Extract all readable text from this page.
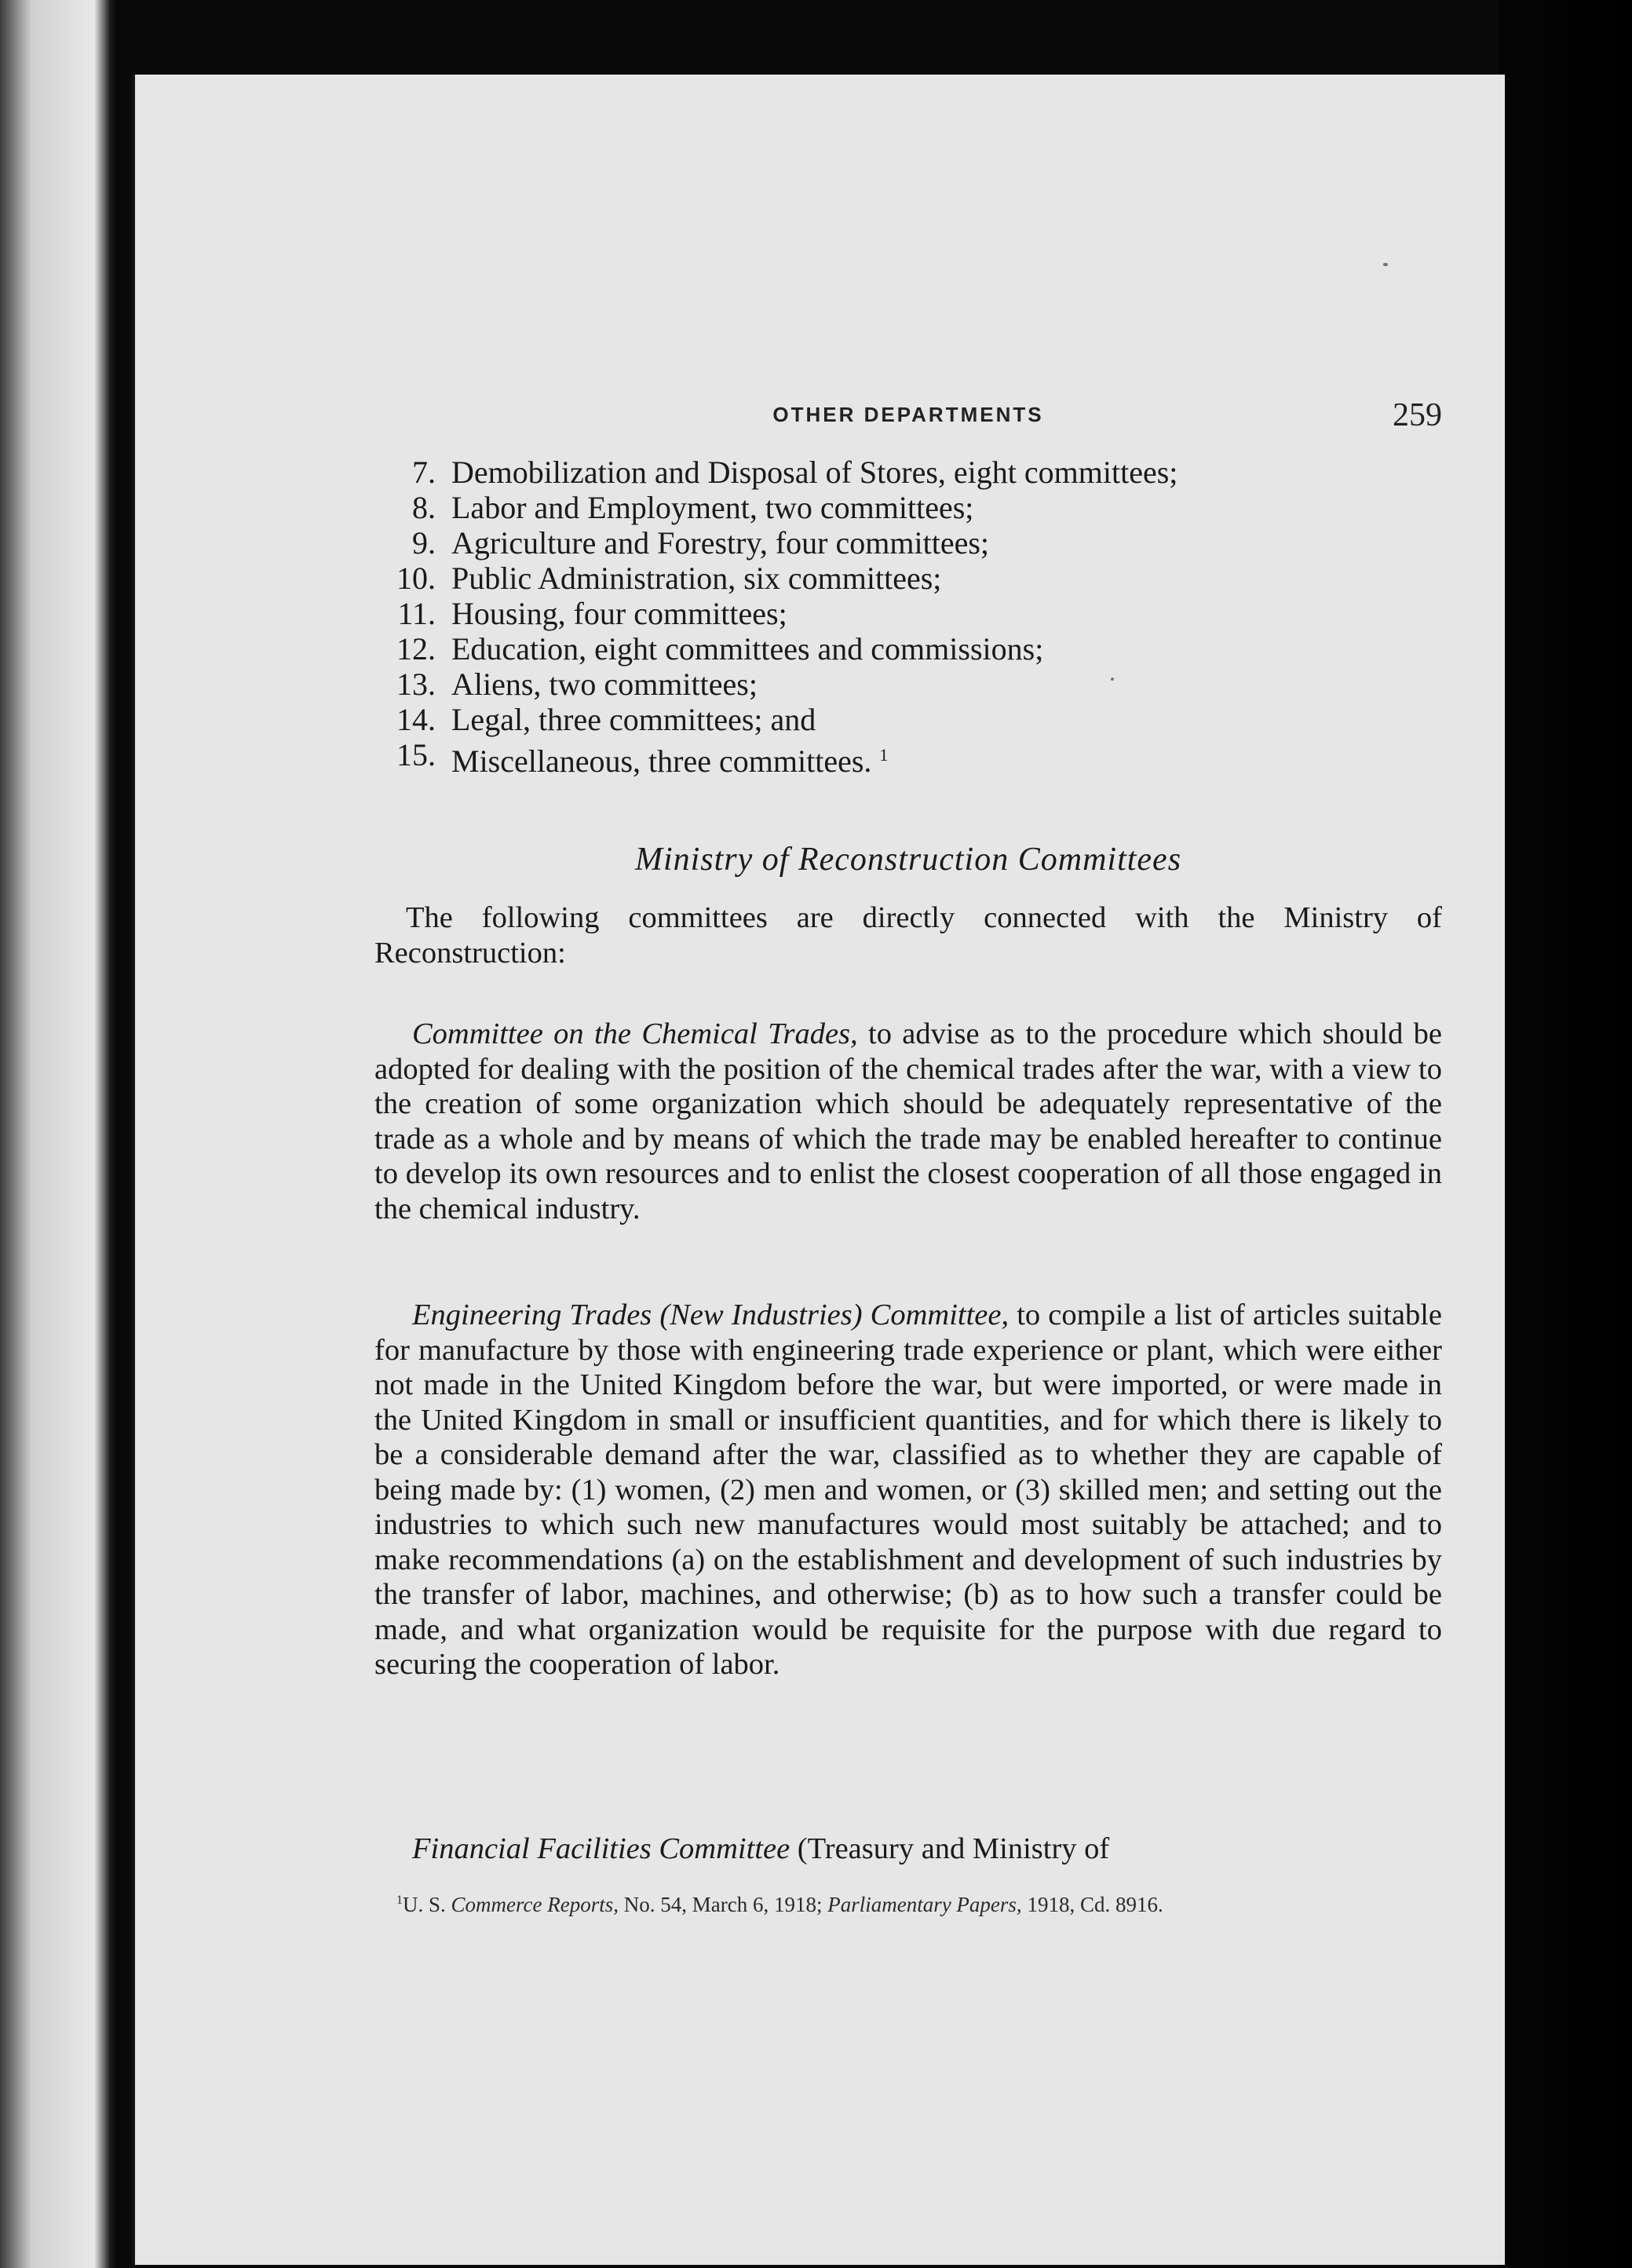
OTHER DEPARTMENTS	259
7. Demobilization and Disposal of Stores, eight committees;
8. Labor and Employment, two committees;
9. Agriculture and Forestry, four committees;
10. Public Administration, six committees;
11. Housing, four committees;
12. Education, eight committees and commissions;
13. Aliens, two committees;
14. Legal, three committees; and
15. Miscellaneous, three committees. $^1$
Ministry of Reconstruction Committees

The following committees are directly connected with the Ministry of Reconstruction:

Committee on the Chemical Trades, to advise as to the procedure which should be adopted for dealing with the position of the chemical trades after the war, with a view to the creation of some organization which should be adequately representative of the trade as a whole and by means of which the trade may be enabled hereafter to continue to develop its own resources and to enlist the closest cooperation of all those engaged in the chemical industry.

Engineering Trades (New Industries) Committee, to compile a list of articles suitable for manufacture by those with engineering trade experience or plant, which were either not made in the United Kingdom before the war, but were imported, or were made in the United Kingdom in small or insufficient quantities, and for which there is likely to be a considerable demand after the war, classified as to whether they are capable of being made by: (1) women, (2) men and women, or (3) skilled men; and setting out the industries to which such new manufactures would most suitably be attached; and to make recommendations (a) on the establishment and development of such industries by the transfer of labor, machines, and otherwise; (b) as to how such a transfer could be made, and what organization would be requisite for the purpose with due regard to securing the cooperation of labor.

Financial Facilities Committee (Treasury and Ministry of

$^1$U. S. Commerce Reports, No. 54, March 6, 1918; Parliamentary Papers, 1918, Cd. 8916.
